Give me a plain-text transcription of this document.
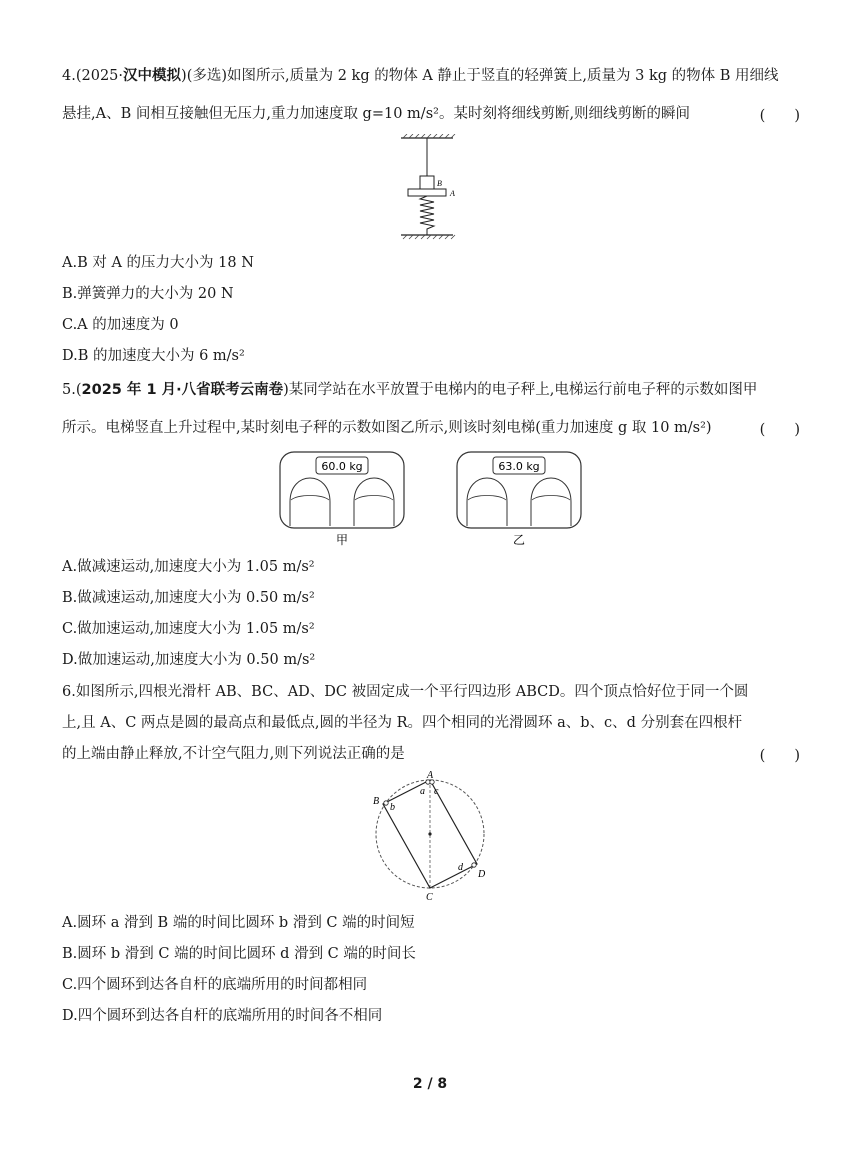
4.(2025·汉中模拟)(多选)如图所示,质量为 2 kg 的物体 A 静止于竖直的轻弹簧上,质量为 3 kg 的物体 B 用细线
悬挂,A、B 间相互接触但无压力,重力加速度取 g=10 m/s²。某时刻将细线剪断,则细线剪断的瞬间	(　　)
B
A
A.B 对 A 的压力大小为 18 N
B.弹簧弹力的大小为 20 N
C.A 的加速度为 0
D.B 的加速度大小为 6 m/s²
5.(2025 年 1 月·八省联考云南卷)某同学站在水平放置于电梯内的电子秤上,电梯运行前电子秤的示数如图甲
所示。电梯竖直上升过程中,某时刻电子秤的示数如图乙所示,则该时刻电梯(重力加速度 g 取 10 m/s²)	(　　)
60.0 kg
甲
63.0 kg
乙
A.做减速运动,加速度大小为 1.05 m/s²
B.做减速运动,加速度大小为 0.50 m/s²
C.做加速运动,加速度大小为 1.05 m/s²
D.做加速运动,加速度大小为 0.50 m/s²
6.如图所示,四根光滑杆 AB、BC、AD、DC 被固定成一个平行四边形 ABCD。四个顶点恰好位于同一个圆
上,且 A、C 两点是圆的最高点和最低点,圆的半径为 R。四个相同的光滑圆环 a、b、c、d 分别套在四根杆
的上端由静止释放,不计空气阻力,则下列说法正确的是	(　　)
A
B
C
D
a c
b
d
A.圆环 a 滑到 B 端的时间比圆环 b 滑到 C 端的时间短
B.圆环 b 滑到 C 端的时间比圆环 d 滑到 C 端的时间长
C.四个圆环到达各自杆的底端所用的时间都相同
D.四个圆环到达各自杆的底端所用的时间各不相同
2 / 8
